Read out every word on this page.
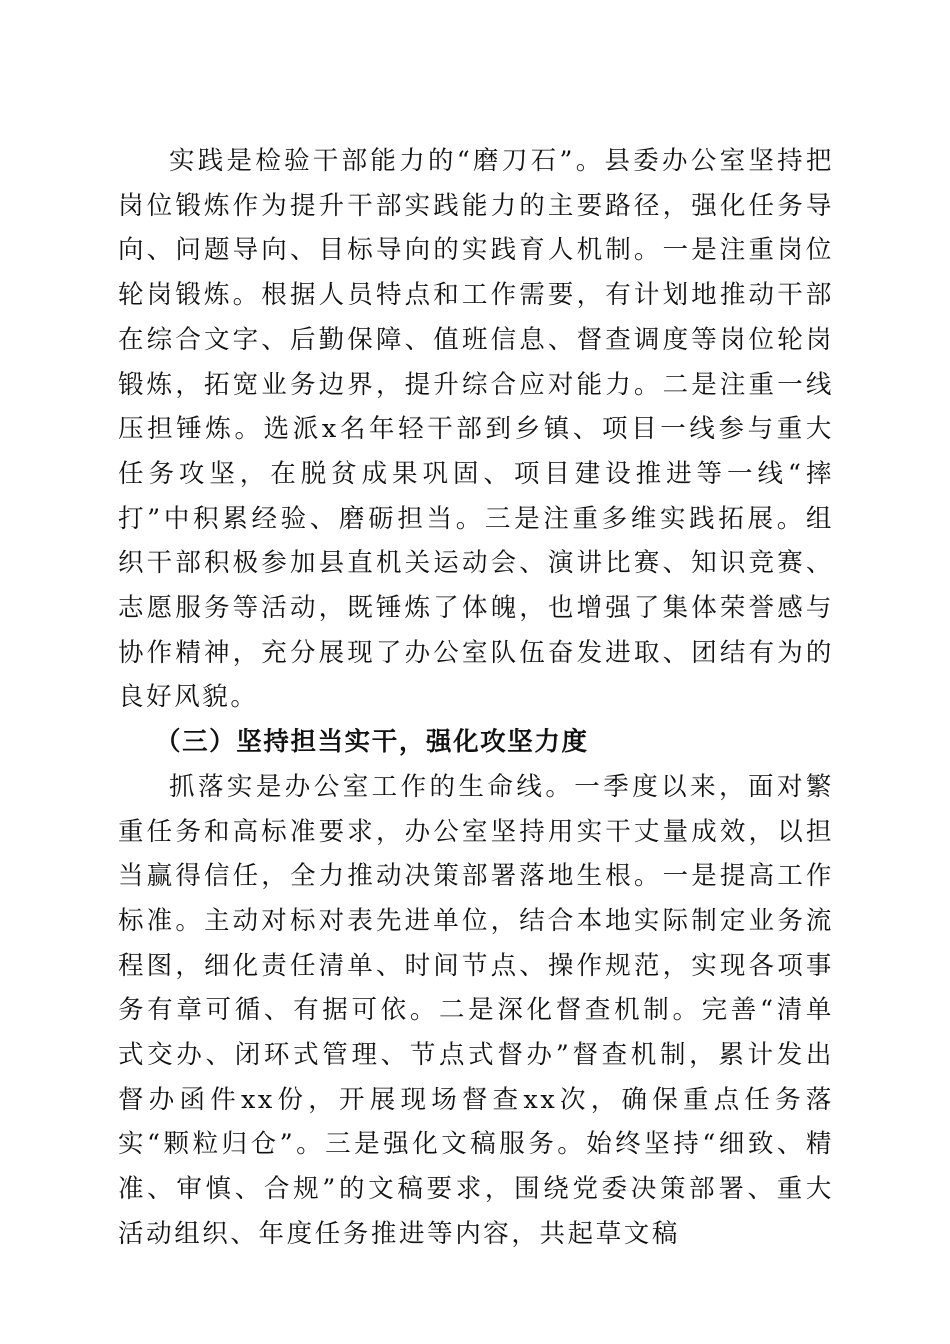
实践是检验干部能力的“磨刀石”。县委办公室坚持把岗位锻炼作为提升干部实践能力的主要路径，强化任务导向、问题导向、目标导向的实践育人机制。一是注重岗位轮岗锻炼。根据人员特点和工作需要，有计划地推动干部在综合文字、后勤保障、值班信息、督查调度等岗位轮岗锻炼，拓宽业务边界，提升综合应对能力。二是注重一线压担锤炼。选派x名年轻干部到乡镇、项目一线参与重大任务攻坚，在脱贫成果巩固、项目建设推进等一线“摔打”中积累经验、磨砺担当。三是注重多维实践拓展。组织干部积极参加县直机关运动会、演讲比赛、知识竞赛、志愿服务等活动，既锤炼了体魄，也增强了集体荣誉感与协作精神，充分展现了办公室队伍奋发进取、团结有为的良好风貌。

（三）坚持担当实干，强化攻坚力度

抓落实是办公室工作的生命线。一季度以来，面对繁重任务和高标准要求，办公室坚持用实干丈量成效，以担当赢得信任，全力推动决策部署落地生根。一是提高工作标准。主动对标对表先进单位，结合本地实际制定业务流程图，细化责任清单、时间节点、操作规范，实现各项事务有章可循、有据可依。二是深化督查机制。完善“清单式交办、闭环式管理、节点式督办”督查机制，累计发出督办函件xx份，开展现场督查xx次，确保重点任务落实“颗粒归仓”。三是强化文稿服务。始终坚持“细致、精准、审慎、合规”的文稿要求，围绕党委决策部署、重大活动组织、年度任务推进等内容，共起草文稿
